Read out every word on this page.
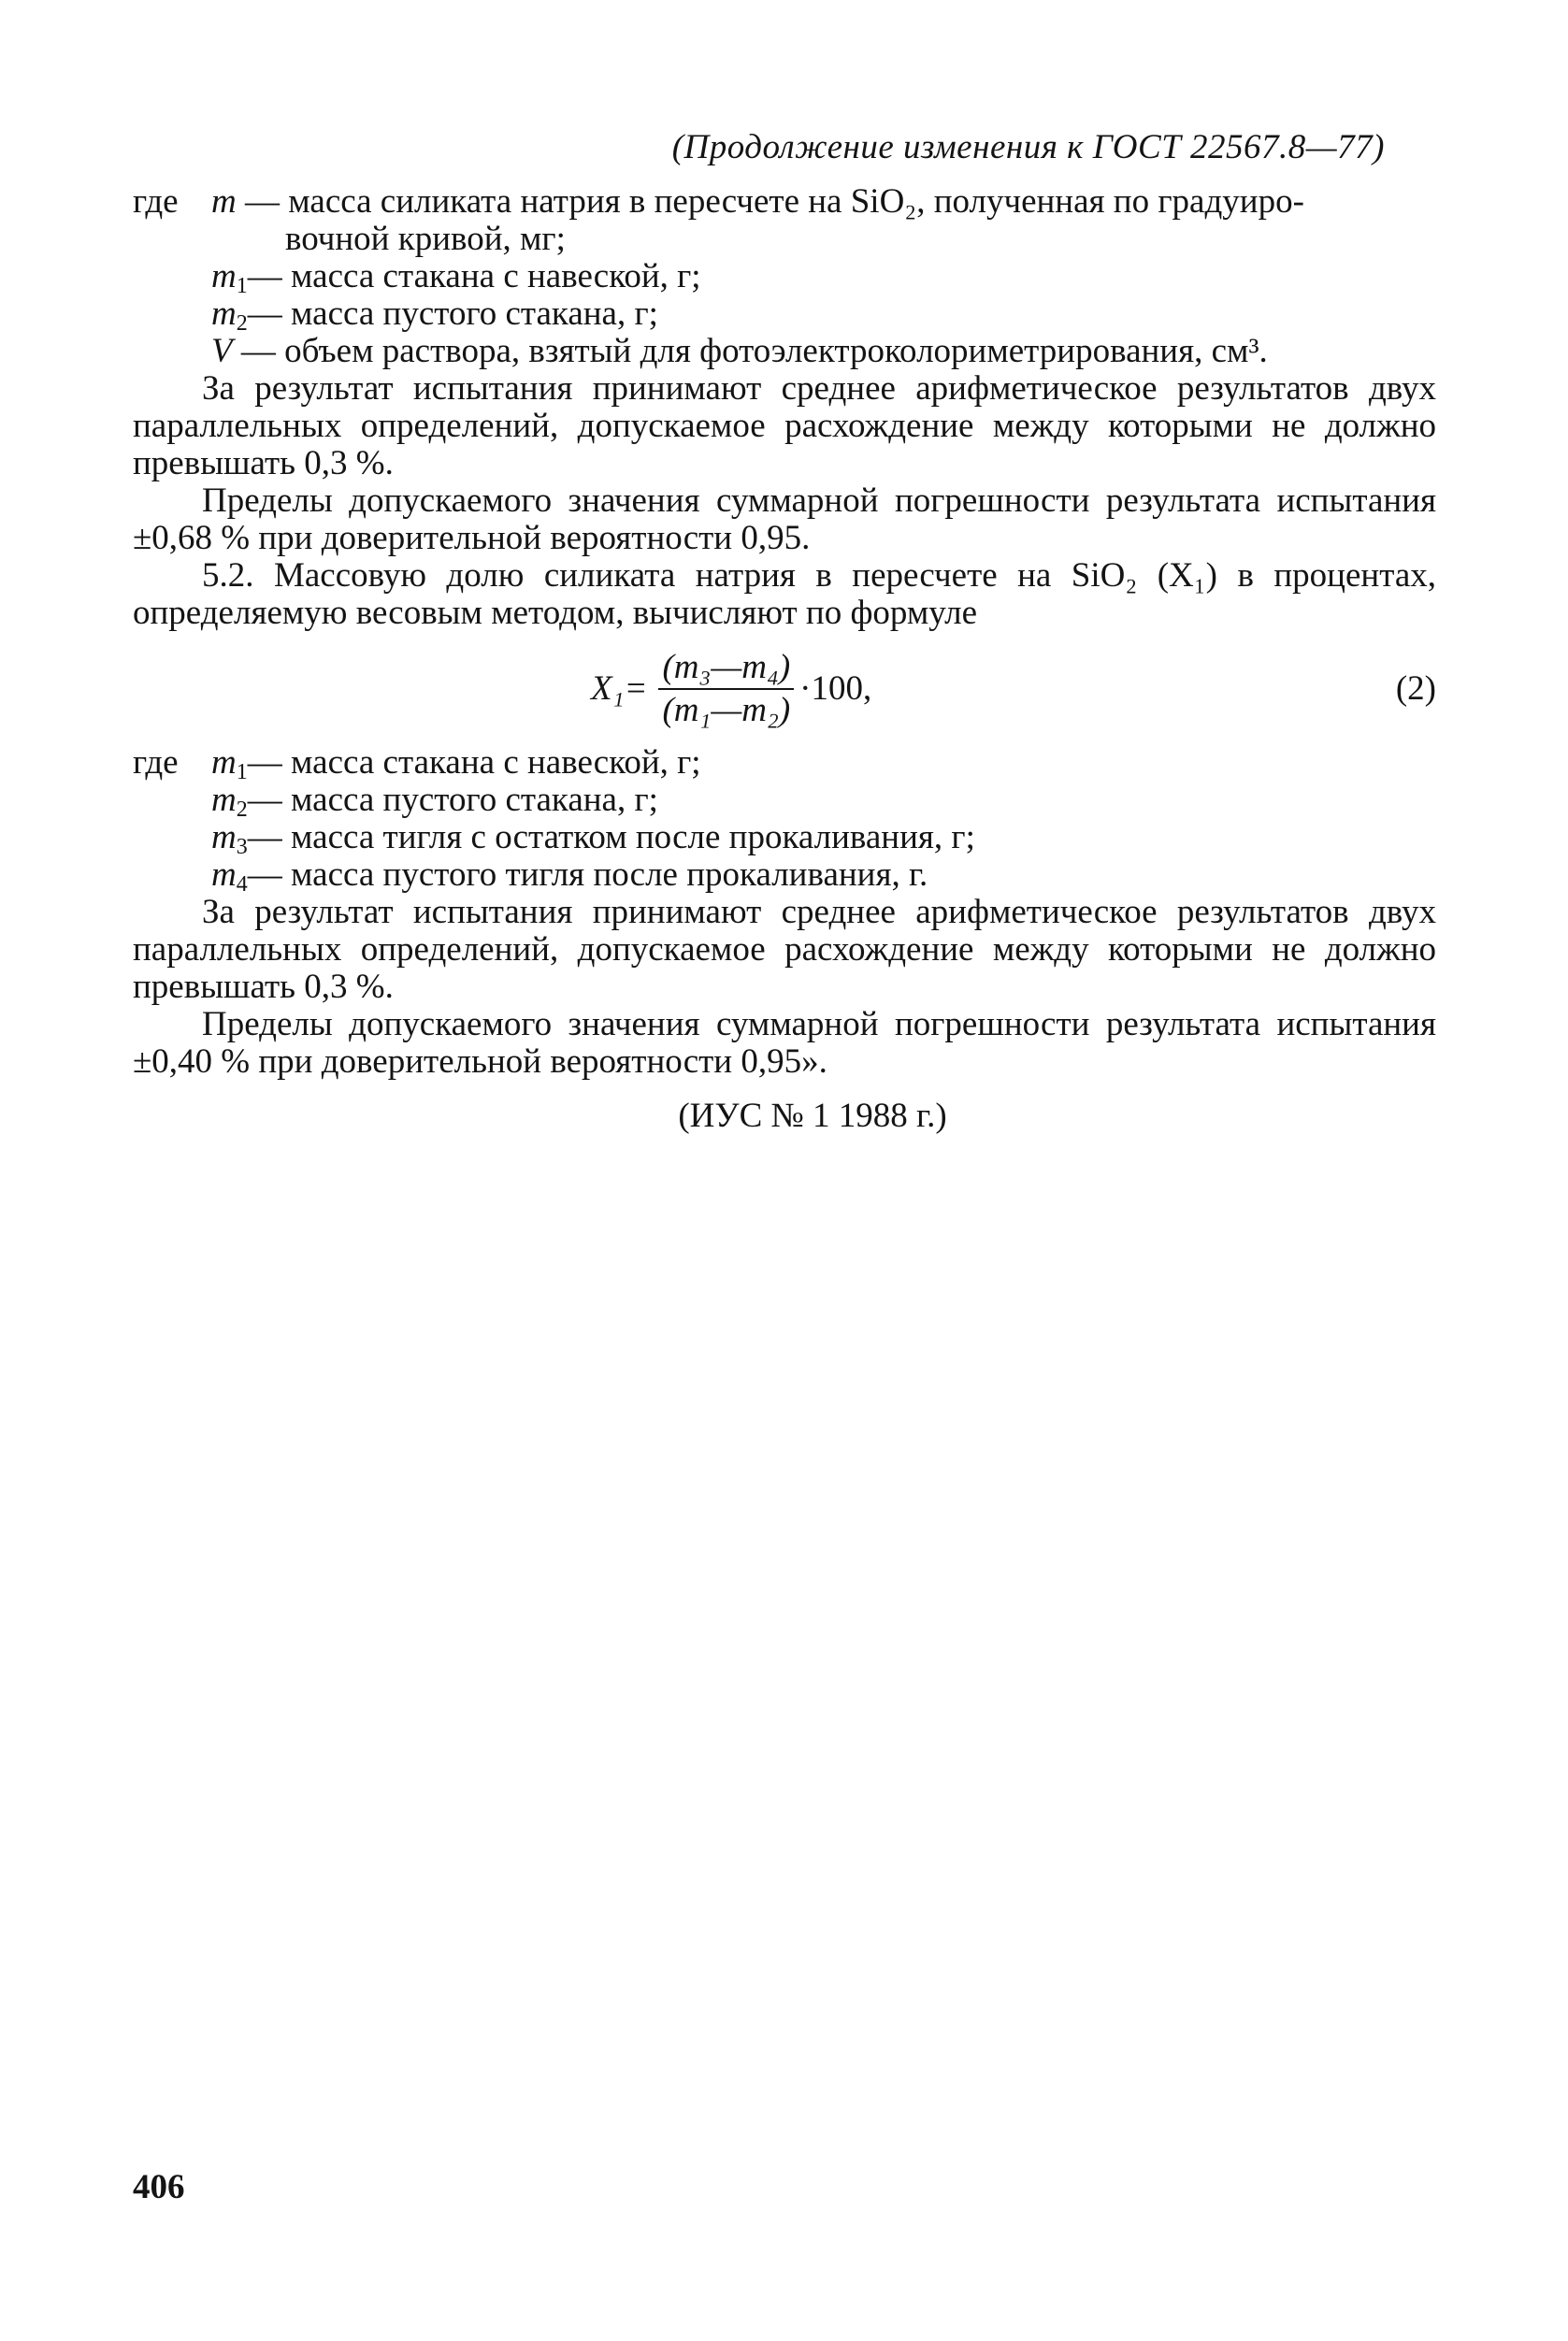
(Продолжение изменения к ГОСТ 22567.8—77)
где m — масса силиката натрия в пересчете на SiO₂, полученная по градуиро-
вочной кривой, мг;
$m_1$ — масса стакана с навеской, г;
$m_2$ — масса пустого стакана, г;
V — объем раствора, взятый для фотоэлектроколориметрирования, см³.
За результат испытания принимают среднее арифметическое результатов двух параллельных определений, допускаемое расхождение между которыми не должно превышать 0,3 %.
Пределы допускаемого значения суммарной погрешности результата испытания ±0,68 % при доверительной вероятности 0,95.
5.2. Массовую долю силиката натрия в пересчете на SiO₂ (X₁) в процентах, определяемую весовым методом, вычисляют по формуле
$X_1= \frac{\text{(m₃—m₄)}}{\text{(m₁—m₂)}} \cdot 100$,	(2)
где $m_1$ — масса стакана с навеской, г;
$m_2$ — масса пустого стакана, г;
$m_3$ — масса тигля с остатком после прокаливания, г;
$m_4$ — масса пустого тигля после прокаливания, г.
За результат испытания принимают среднее арифметическое результатов двух параллельных определений, допускаемое расхождение между которыми не должно превышать 0,3 %.
Пределы допускаемого значения суммарной погрешности результата испытания ±0,40 % при доверительной вероятности 0,95».
(ИУС № 1 1988 г.)
406
